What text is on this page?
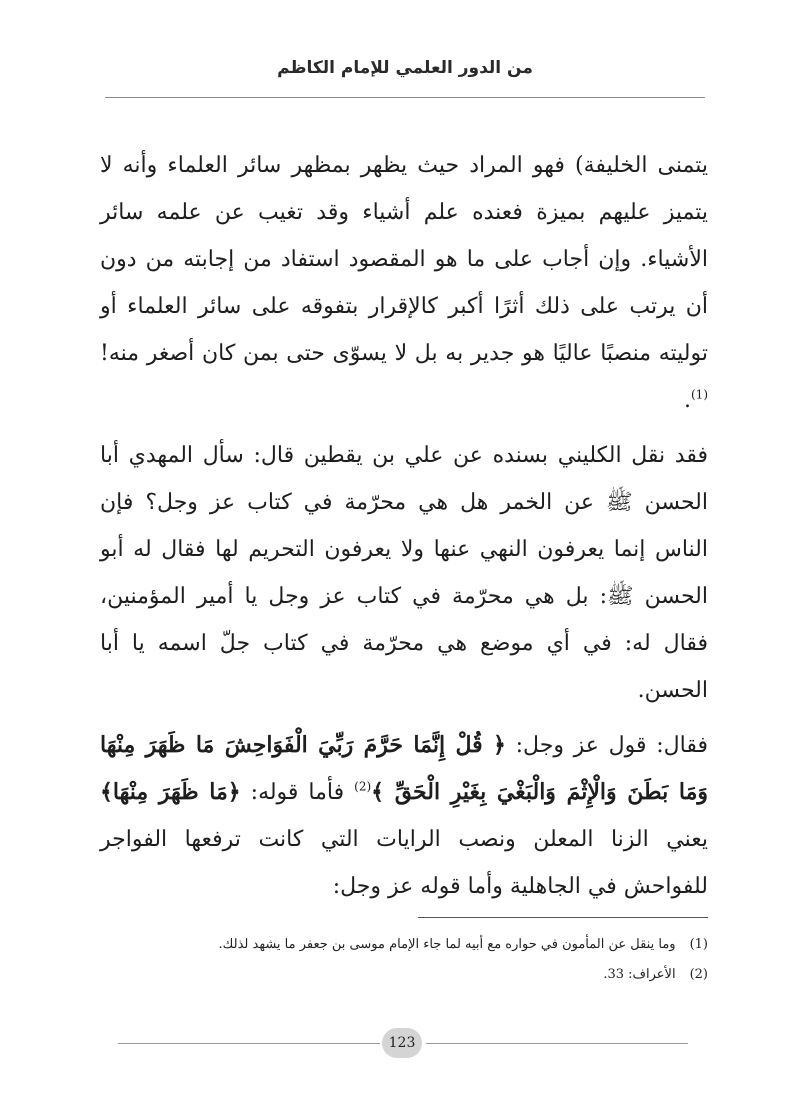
من الدور العلمي للإمام الكاظم

يتمنى الخليفة) فهو المراد حيث يظهر بمظهر سائر العلماء وأنه لا يتميز عليهم بميزة فعنده علم أشياء وقد تغيب عن علمه سائر الأشياء. وإن أجاب على ما هو المقصود استفاد من إجابته من دون أن يرتب على ذلك أثرًا أكبر كالإقرار بتفوقه على سائر العلماء أو توليته منصبًا عاليًا هو جدير به بل لا يسوّى حتى بمن كان أصغر منه!$^{(1)}$.

فقد نقل الكليني بسنده عن علي بن يقطين قال: سأل المهدي أبا الحسن ﷺ عن الخمر هل هي محرّمة في كتاب عز وجل؟ فإن الناس إنما يعرفون النهي عنها ولا يعرفون التحريم لها فقال له أبو الحسن ﷺ: بل هي محرّمة في كتاب عز وجل يا أمير المؤمنين، فقال له: في أي موضع هي محرّمة في كتاب جلّ اسمه يا أبا الحسن.

فقال: قول عز وجل: ﴿ قُلْ إِنَّمَا حَرَّمَ رَبِّيَ الْفَوَاحِشَ مَا ظَهَرَ مِنْهَا وَمَا بَطَنَ وَالْإِثْمَ وَالْبَغْيَ بِغَيْرِ الْحَقِّ ﴾$^{(2)}$ فأما قوله: ﴿مَا ظَهَرَ مِنْهَا﴾ يعني الزنا المعلن ونصب الرايات التي كانت ترفعها الفواجر للفواحش في الجاهلية وأما قوله عز وجل:

(1)وما ينقل عن المأمون في حواره مع أبيه لما جاء الإمام موسى بن جعفر ما يشهد لذلك.
(2)الأعراف: 33.
123
